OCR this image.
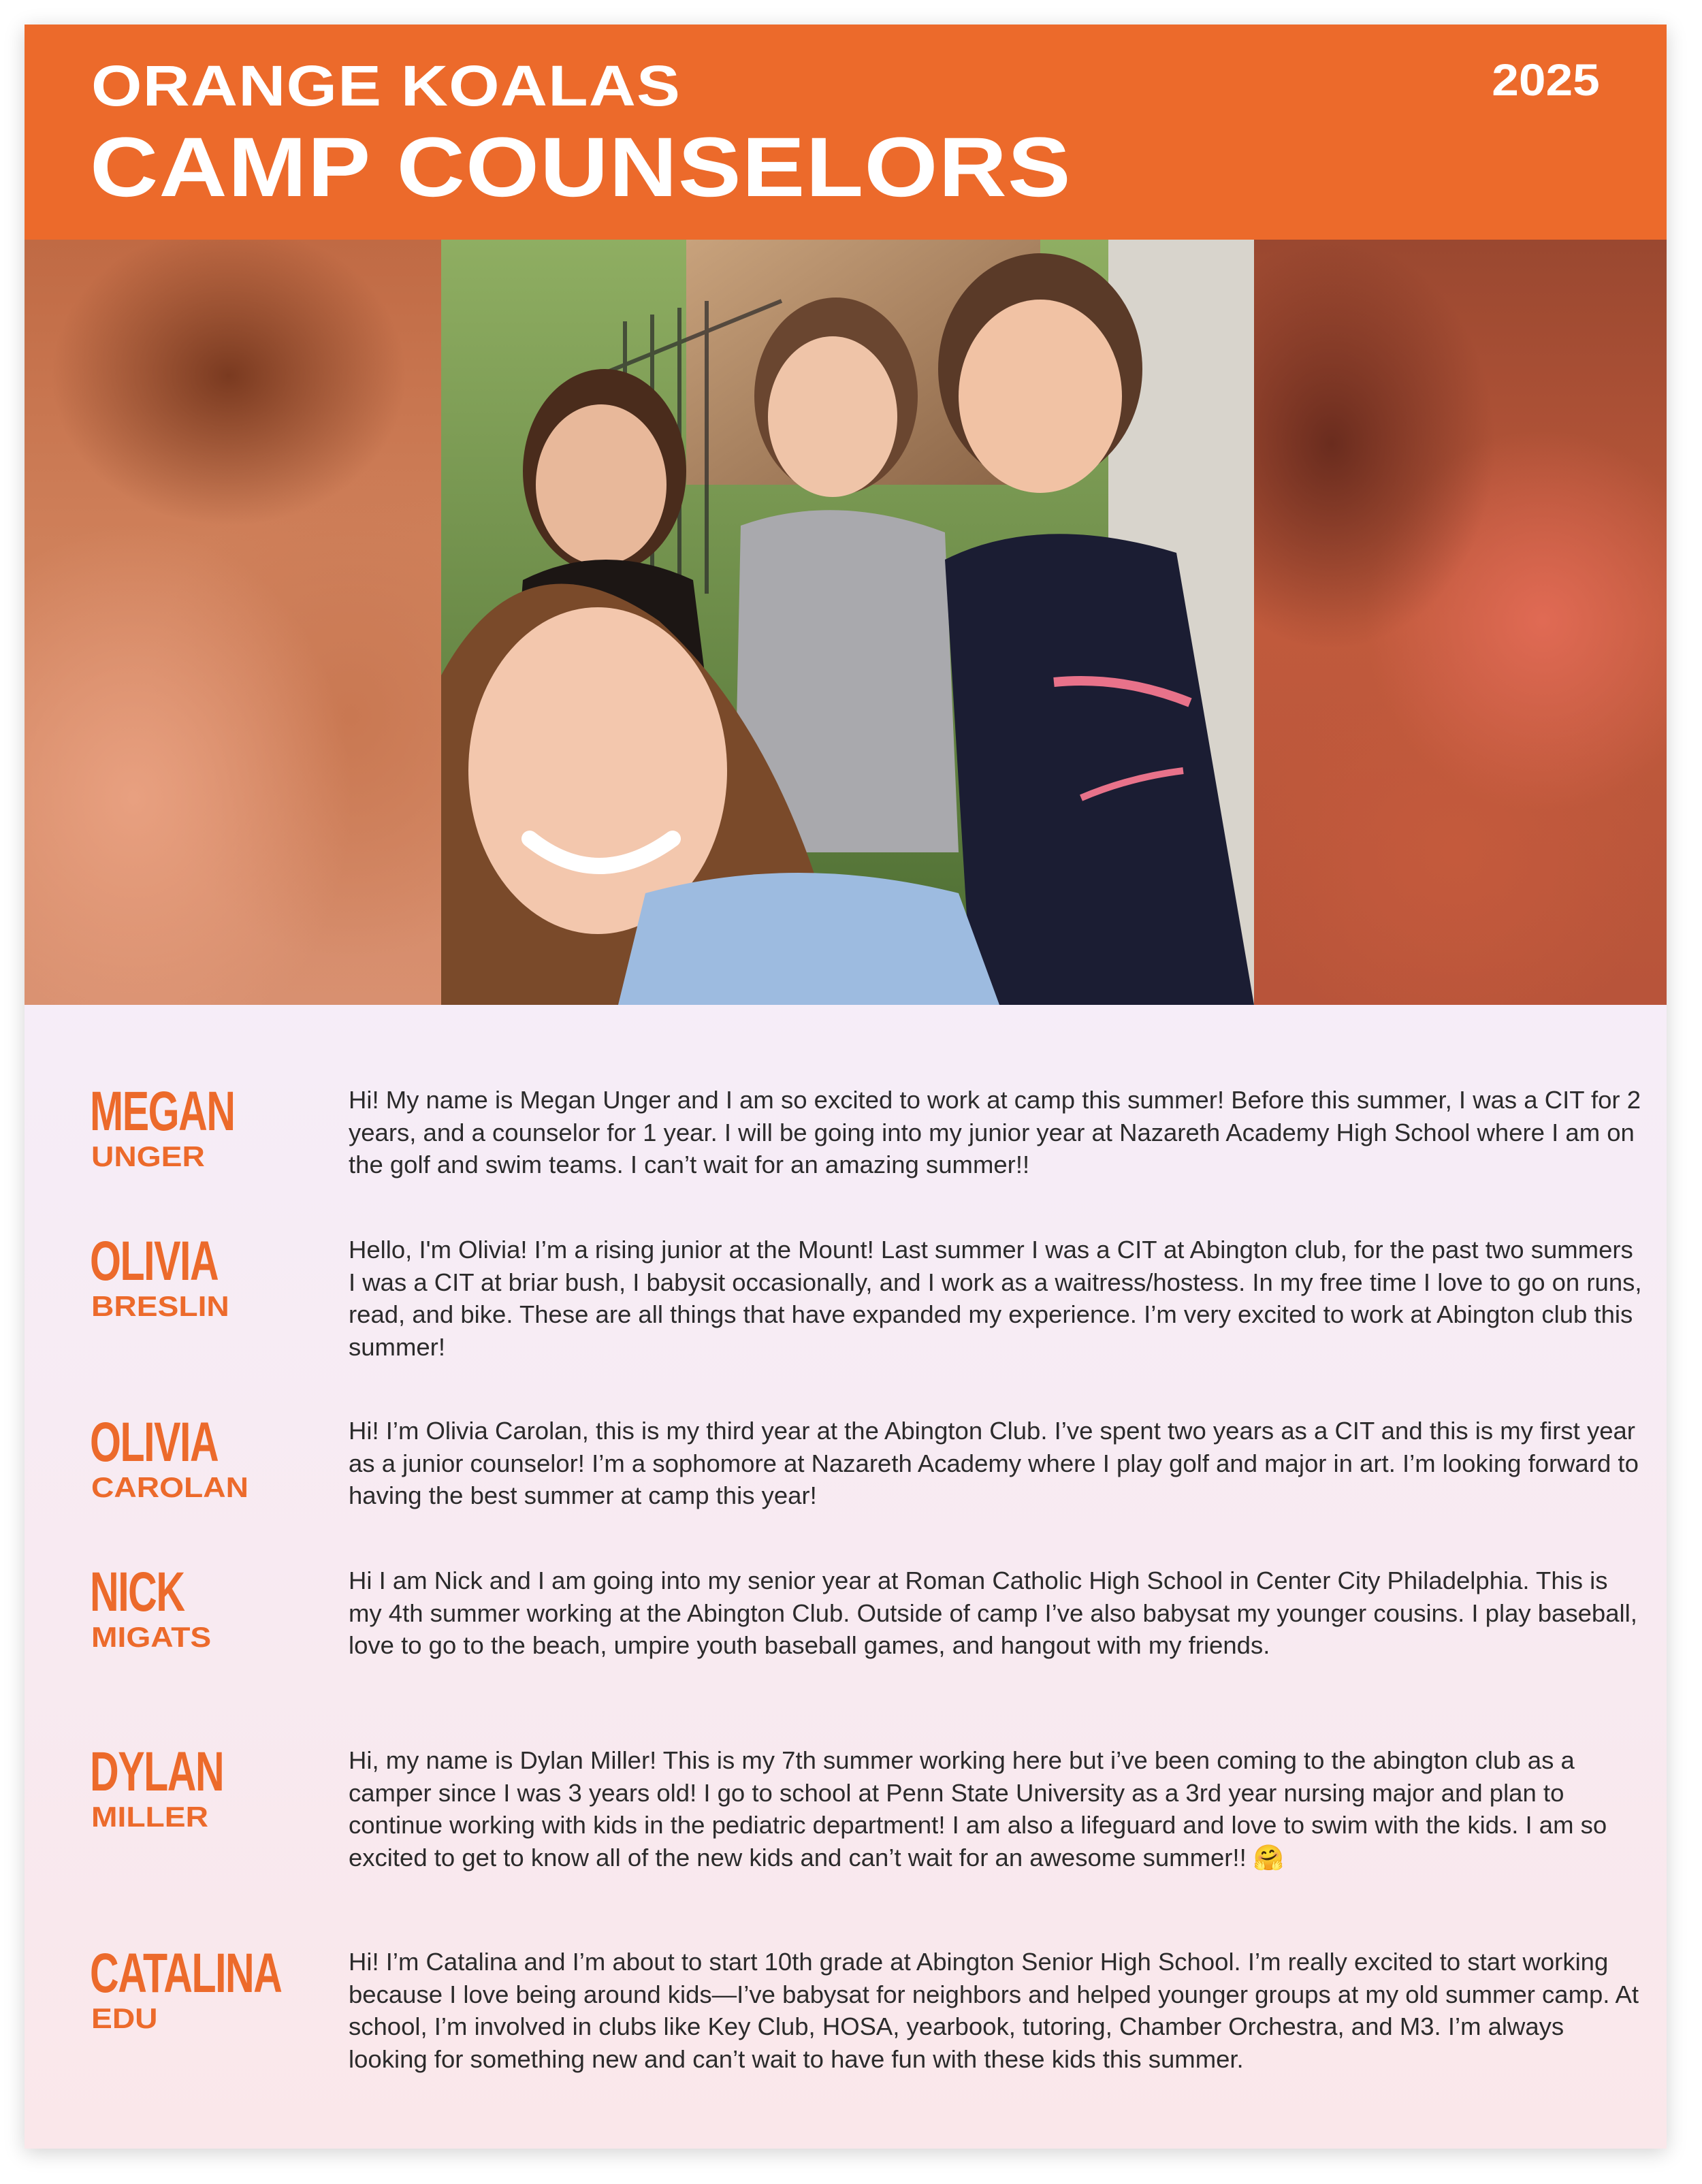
ORANGE KOALAS
CAMP COUNSELORS
2025
MEGAN
UNGER
Hi! My name is Megan Unger and I am so excited to work at camp this summer! Before this summer, I was a CIT for 2 years, and a counselor for 1 year. I will be going into my junior year at Nazareth Academy High School where I am on the golf and swim teams. I can’t wait for an amazing summer!!
OLIVIA
BRESLIN
Hello, I'm Olivia! I’m a rising junior at the Mount! Last summer I was a CIT at Abington club, for the past two summers I was a CIT at briar bush, I babysit occasionally, and I work as a waitress/hostess. In my free time I love to go on runs, read, and bike. These are all things that have expanded my experience. I’m very excited to work at Abington club this summer!
OLIVIA
CAROLAN
Hi! I’m Olivia Carolan, this is my third year at the Abington Club. I’ve spent two years as a CIT and this is my first year as a junior counselor! I’m a sophomore at Nazareth Academy where I play golf and major in art. I’m looking forward to having the best summer at camp this year!
NICK
MIGATS
Hi I am Nick and I am going into my senior year at Roman Catholic High School in Center City Philadelphia. This is my 4th summer working at the Abington Club. Outside of camp I’ve also babysat my younger cousins. I play baseball, love to go to the beach, umpire youth baseball games, and hangout with my friends.
DYLAN
MILLER
Hi, my name is Dylan Miller! This is my 7th summer working here but i’ve been coming to the abington club as a camper since I was 3 years old! I go to school at Penn State University as a 3rd year nursing major and plan to continue working with kids in the pediatric department! I am also a lifeguard and love to swim with the kids. I am so excited to get to know all of the new kids and can’t wait for an awesome summer!! 🤗
CATALINA
EDU
Hi! I’m Catalina and I’m about to start 10th grade at Abington Senior High School. I’m really excited to start working because I love being around kids—I’ve babysat for neighbors and helped younger groups at my old summer camp. At school, I’m involved in clubs like Key Club, HOSA, yearbook, tutoring, Chamber Orchestra, and M3. I’m always looking for something new and can’t wait to have fun with these kids this summer.
